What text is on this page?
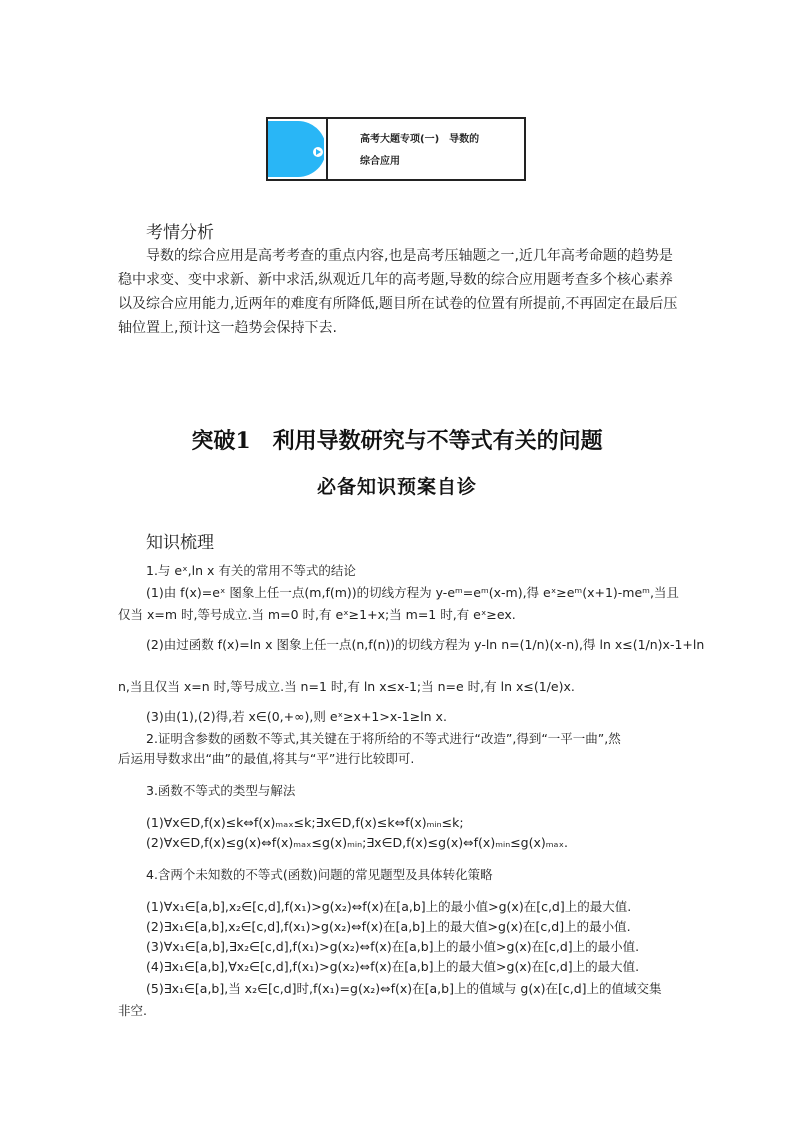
高考大题专项(一)　导数的
综合应用
考情分析
导数的综合应用是高考考查的重点内容,也是高考压轴题之一,近几年高考命题的趋势是稳中求变、变中求新、新中求活,纵观近几年的高考题,导数的综合应用题考查多个核心素养以及综合应用能力,近两年的难度有所降低,题目所在试卷的位置有所提前,不再固定在最后压轴位置上,预计这一趋势会保持下去.
突破1　利用导数研究与不等式有关的问题
必备知识预案自诊
知识梳理
1.与 eˣ,ln x 有关的常用不等式的结论
(1)由 f(x)=eˣ 图象上任一点(m,f(m))的切线方程为 y-eᵐ=eᵐ(x-m),得 eˣ≥eᵐ(x+1)-meᵐ,当且
仅当 x=m 时,等号成立.当 m=0 时,有 eˣ≥1+x;当 m=1 时,有 eˣ≥ex.
(2)由过函数 f(x)=ln x 图象上任一点(n,f(n))的切线方程为 y-ln n=(1/n)(x-n),得 ln x≤(1/n)x-1+ln
n,当且仅当 x=n 时,等号成立.当 n=1 时,有 ln x≤x-1;当 n=e 时,有 ln x≤(1/e)x.
(3)由(1),(2)得,若 x∈(0,+∞),则 eˣ≥x+1>x-1≥ln x.
2.证明含参数的函数不等式,其关键在于将所给的不等式进行“改造”,得到“一平一曲”,然
后运用导数求出“曲”的最值,将其与“平”进行比较即可.
3.函数不等式的类型与解法
(1)∀x∈D,f(x)≤k⇔f(x)ₘₐₓ≤k;∃x∈D,f(x)≤k⇔f(x)ₘᵢₙ≤k;
(2)∀x∈D,f(x)≤g(x)⇔f(x)ₘₐₓ≤g(x)ₘᵢₙ;∃x∈D,f(x)≤g(x)⇔f(x)ₘᵢₙ≤g(x)ₘₐₓ.
4.含两个未知数的不等式(函数)问题的常见题型及具体转化策略
(1)∀x₁∈[a,b],x₂∈[c,d],f(x₁)>g(x₂)⇔f(x)在[a,b]上的最小值>g(x)在[c,d]上的最大值.
(2)∃x₁∈[a,b],x₂∈[c,d],f(x₁)>g(x₂)⇔f(x)在[a,b]上的最大值>g(x)在[c,d]上的最小值.
(3)∀x₁∈[a,b],∃x₂∈[c,d],f(x₁)>g(x₂)⇔f(x)在[a,b]上的最小值>g(x)在[c,d]上的最小值.
(4)∃x₁∈[a,b],∀x₂∈[c,d],f(x₁)>g(x₂)⇔f(x)在[a,b]上的最大值>g(x)在[c,d]上的最大值.
(5)∃x₁∈[a,b],当 x₂∈[c,d]时,f(x₁)=g(x₂)⇔f(x)在[a,b]上的值域与 g(x)在[c,d]上的值域交集
非空.
